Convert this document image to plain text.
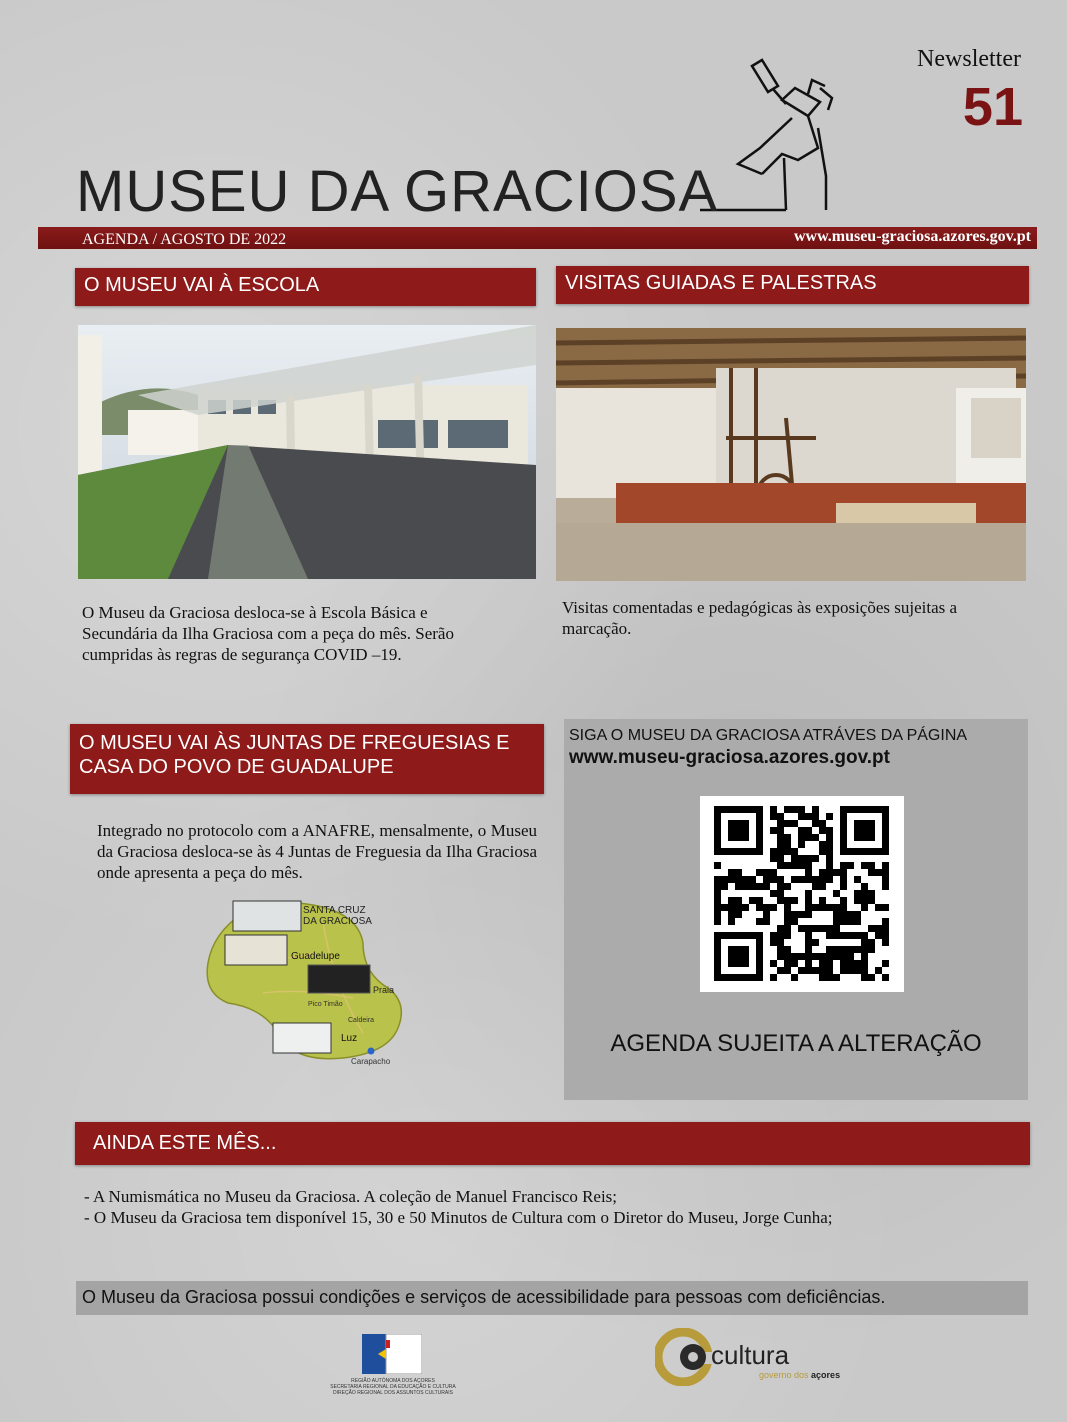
Newsletter
51
MUSEU DA GRACIOSA
AGENDA / AGOSTO DE 2022	www.museu-graciosa.azores.gov.pt
O MUSEU VAI À ESCOLA
O Museu da Graciosa desloca-se à Escola Básica e Secundária da Ilha Graciosa com a peça do mês. Serão cumpridas às regras de segurança COVID –19.
VISITAS GUIADAS E PALESTRAS
Visitas comentadas e pedagógicas às exposições sujeitas a marcação.
O MUSEU VAI ÀS JUNTAS DE FREGUESIAS E CASA DO POVO DE GUADALUPE
Integrado no protocolo com a ANAFRE, mensalmente, o Museu da Graciosa desloca-se às 4 Juntas de Freguesia da Ilha Graciosa onde apresenta a peça do mês.
SANTA CRUZ
DA GRACIOSA
Guadelupe
Praia
Pico Timão
Caldeira
Luz
Carapacho
SIGA O MUSEU DA GRACIOSA ATRÁVES DA PÁGINA
www.museu-graciosa.azores.gov.pt
AGENDA SUJEITA A ALTERAÇÃO
AINDA ESTE MÊS...
- A Numismática no Museu da Graciosa. A coleção de Manuel Francisco Reis;
- O Museu da Graciosa tem disponível 15, 30 e 50 Minutos de Cultura com o Diretor do Museu, Jorge Cunha;
O Museu da Graciosa possui condições e serviços de acessibilidade para pessoas com deficiências.
REGIÃO AUTÓNOMA DOS AÇORES
SECRETARIA REGIONAL DA EDUCAÇÃO E CULTURA
DIREÇÃO REGIONAL DOS ASSUNTOS CULTURAIS
cultura
governo dos açores
